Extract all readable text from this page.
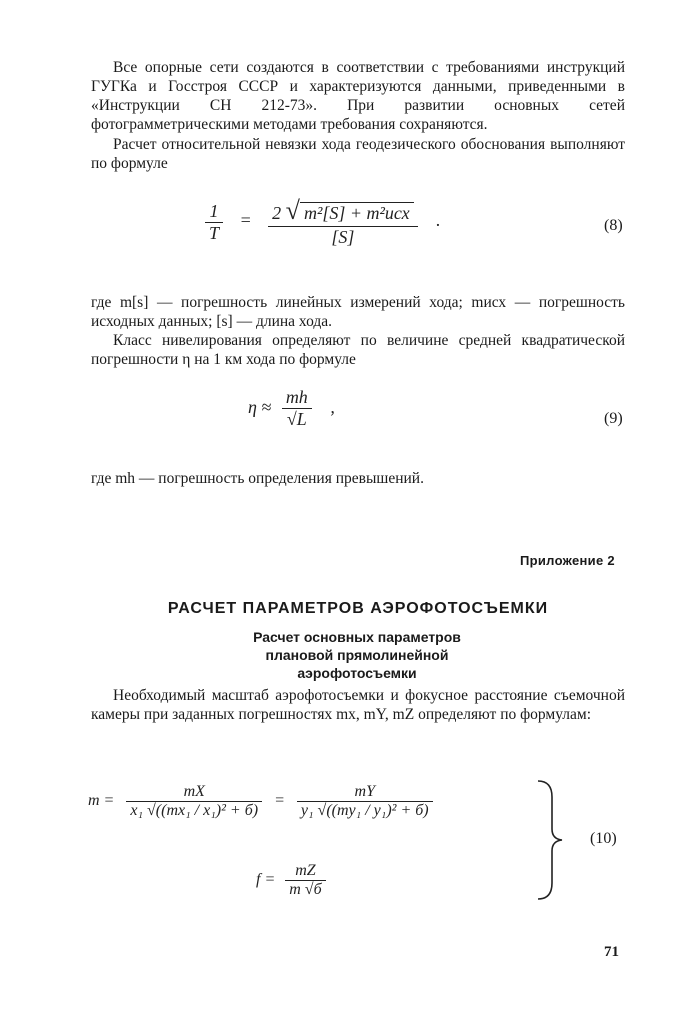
Все опорные сети создаются в соответствии с требованиями инструкций ГУГКа и Госстроя СССР и характеризуются данными, приведенными в «Инструкции СН 212-73». При развитии основных сетей фотограмметрическими методами требования сохраняются.
Расчет относительной невязки хода геодезического обоснования выполняют по формуле
$\frac{1}{T} = \frac{\text{2 √ m²[S] + m²исх}}{[S]}$ .	(8)
где m[s] — погрешность линейных измерений хода; mисх — погрешность исходных данных; [s] — длина хода.
Класс нивелирования определяют по величине средней квадратической погрешности η на 1 км хода по формуле
$\eta \approx \frac{mh}{√L}$ ,
(9)
где mh — погрешность определения превышений.
Приложение 2
РАСЧЕТ ПАРАМЕТРОВ АЭРОФОТОСЪЕМКИ
Расчет основных параметров плановой прямолинейной аэрофотосъемки
Необходимый масштаб аэрофотосъемки и фокусное расстояние съемочной камеры при заданных погрешностях mx, mY, mZ определяют по формулам:
$m = \frac{mX}{\text{x₁ √((mx₁ / x₁)² + б)}} = \frac{mY}{\text{y₁ √((my₁ / y₁)² + б)}}$
$f = \frac{mZ}{m √б}$
(10)
71
